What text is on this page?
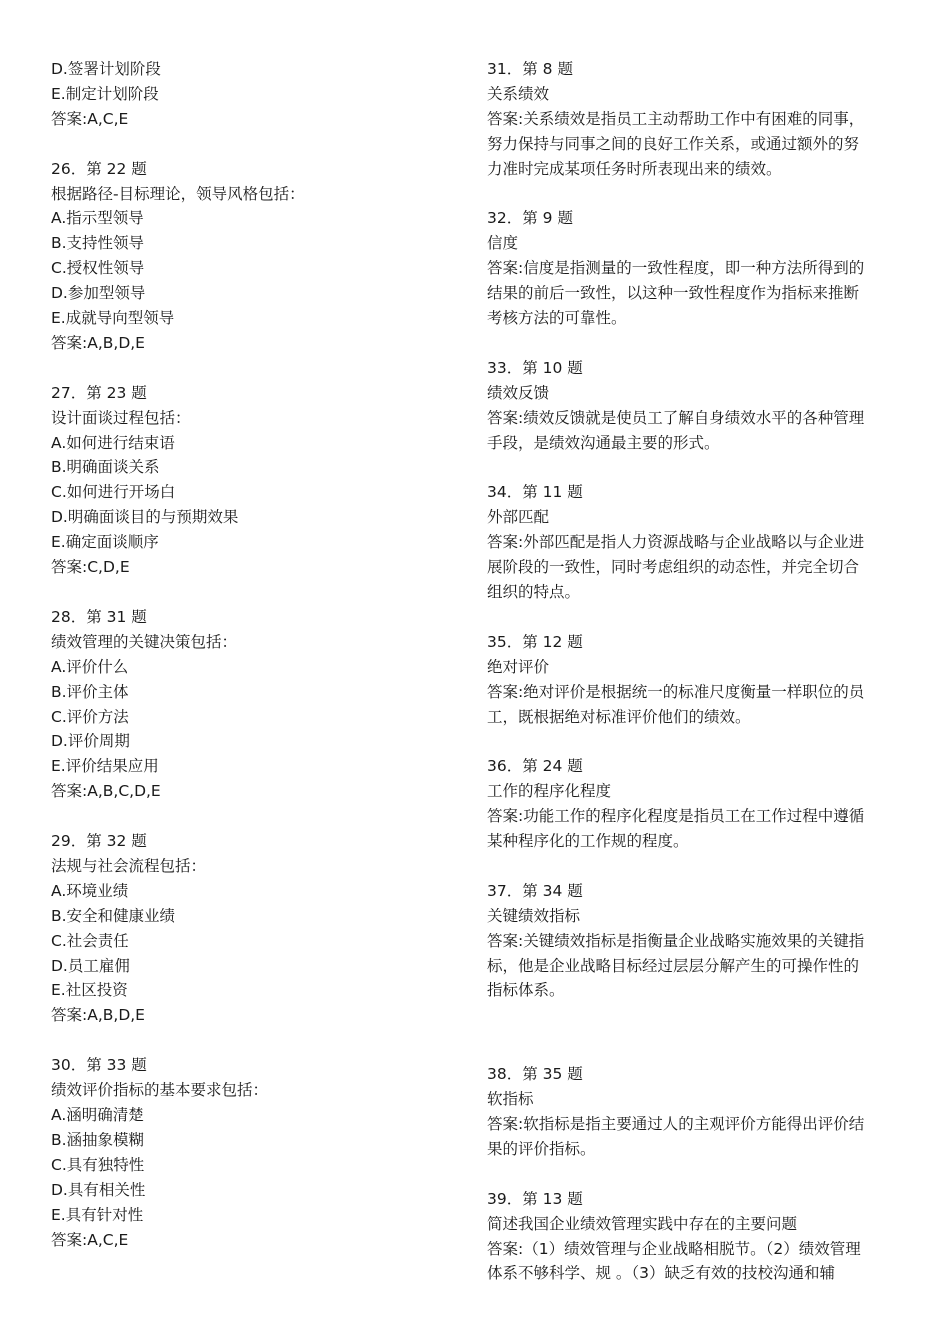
D.签署计划阶段
E.制定计划阶段
答案:A,C,E
26．第 22 题
根据路径-目标理论，领导风格包括：
A.指示型领导
B.支持性领导
C.授权性领导
D.参加型领导
E.成就导向型领导
答案:A,B,D,E
27．第 23 题
设计面谈过程包括：
A.如何进行结束语
B.明确面谈关系
C.如何进行开场白
D.明确面谈目的与预期效果
E.确定面谈顺序
答案:C,D,E
28．第 31 题
绩效管理的关键决策包括：
A.评价什么
B.评价主体
C.评价方法
D.评价周期
E.评价结果应用
答案:A,B,C,D,E
29．第 32 题
法规与社会流程包括：
A.环境业绩
B.安全和健康业绩
C.社会责任
D.员工雇佣
E.社区投资
答案:A,B,D,E
30．第 33 题
绩效评价指标的基本要求包括：
A.涵明确清楚
B.涵抽象模糊
C.具有独特性
D.具有相关性
E.具有针对性
答案:A,C,E
31．第 8 题
关系绩效
答案:关系绩效是指员工主动帮助工作中有困难的同事，
努力保持与同事之间的良好工作关系，或通过额外的努
力准时完成某项任务时所表现出来的绩效。
32．第 9 题
信度
答案:信度是指测量的一致性程度，即一种方法所得到的
结果的前后一致性，以这种一致性程度作为指标来推断
考核方法的可靠性。
33．第 10 题
绩效反馈
答案:绩效反馈就是使员工了解自身绩效水平的各种管理
手段，是绩效沟通最主要的形式。
34．第 11 题
外部匹配
答案:外部匹配是指人力资源战略与企业战略以与企业进
展阶段的一致性，同时考虑组织的动态性，并完全切合
组织的特点。
35．第 12 题
绝对评价
答案:绝对评价是根据统一的标准尺度衡量一样职位的员
工，既根据绝对标准评价他们的绩效。
36．第 24 题
工作的程序化程度
答案:功能工作的程序化程度是指员工在工作过程中遵循
某种程序化的工作规的程度。
37．第 34 题
关键绩效指标
答案:关键绩效指标是指衡量企业战略实施效果的关键指
标，他是企业战略目标经过层层分解产生的可操作性的
指标体系。
38．第 35 题
软指标
答案:软指标是指主要通过人的主观评价方能得出评价结
果的评价指标。
39．第 13 题
简述我国企业绩效管理实践中存在的主要问题
答案:（1）绩效管理与企业战略相脱节。（2）绩效管理
体系不够科学、规 。（3）缺乏有效的技校沟通和辅
